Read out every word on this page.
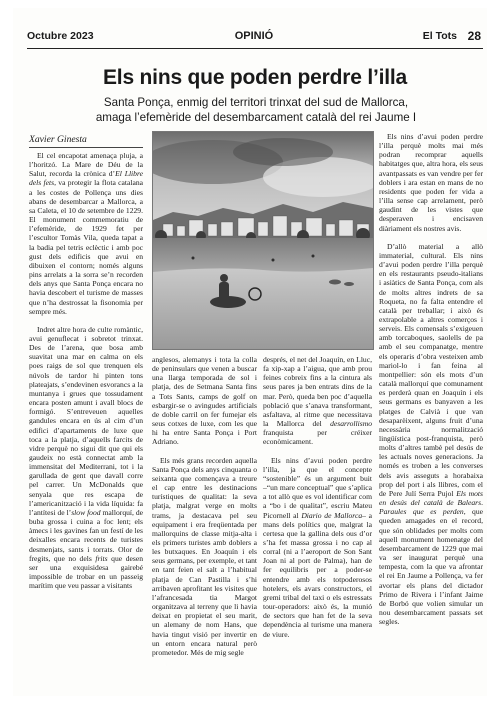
Octubre 2023	OPINIÓ	El Tots 28
Els nins que poden perdre l’illa
Santa Ponça, enmig del territori trinxat del sud de Mallorca,
amaga l’efemèride del desembarcament català del rei Jaume I
Xavier Ginesta

El cel encapotat amenaça pluja, a l’horitzó. La Mare de Déu de la Salut, recorda la crònica d’El Llibre dels fets, va protegir la flota catalana a les costes de Pollença uns dies abans de desembarcar a Mallorca, a sa Caleta, el 10 de setembre de 1229. El monument commemoratiu de l’efemèride, de 1929 fet per l’escultor Tomàs Vila, queda tapat a la badia pel tetris eclèctic i amb poc gust dels edificis que avui en dibuixen el contorn; només alguns pins arrelats a la sorra se’n recorden dels anys que Santa Ponça encara no havia descobert el turisme de masses que n’ha destrossat la fisonomia per sempre més.

Indret altre hora de culte romàntic, avui genuflecat i sobretot trinxat. Des de l’arena, que bosa amb suavitat una mar en calma on els poes raigs de sol que trenquen els núvols de tardor hi pinten tons plateajats, s’endevinen esvorancs a la muntanya i grues que tossudament encara posten amunt i avall blocs de formigó. S’entreveuen aquelles gandules encara en ús al cim d’un edifici d’apartaments de luxe que toca a la platja, d’aquells farcits de vidre perquè no sigui dit que qui els gaudeix no està connectat amb la immensitat del Mediterrani, tot i la garullada de gent que davall corre pel carrer. Un McDonalds que senyala que res escapa de l’americanització i la vida líquida: fa l’antítesi de l’slow food mallorquí, de buba grossa i cuina a foc lent; els àmecs i les gavines fan un festí de les deixalles encara recents de turistes desmenjats, sants i torrats. Olor de fregits, que no dels frits que desen ser una exquisidesa gairebé impossible de trobar en un passeig marítim que veu passar a visitants

anglesos, alemanys i tota la colla de peninsulars que venen a buscar una llarga temporada de sol i platja, des de Setmana Santa fins a Tots Sants, camps de golf on esbargir-se o avingudes artificials de doble carril on fer fumejar els seus cotxes de luxe, com les que hi ha entre Santa Ponça i Port Adriano.

Els més grans recorden aquella Santa Ponça dels anys cinquanta o seixanta que començava a treure el cap entre les destinacions turístiques de qualitat: la seva platja, malgrat verge en molts trams, ja destacava pel seu equipament i era freqüentada per mallorquins de classe mitja-alta i els primers turistes amb doblers a les butxaques. En Joaquín i els seus germans, per exemple, et tant en tant feien el salt a l’habitual platja de Can Pastilla i s’hi arribaven aprofitant les visites que l’afrancesada tia Margot organitzava al terreny que li havia deixat en propietat el seu marit, un alemany de nom Hans, que havia tingut visió per invertir en un entorn encara natural però prometedor. Més de mig segle

després, el net del Joaquín, en Lluc, fa xip-xap a l’aigua, que amb prou feines cobreix fins a la cintura als seus pares ja ben entrats dins de la mar. Però, queda ben poc d’aquella població que s’anava transformant, asfaltava, al ritme que necessitava la Mallorca del desarrollismo franquista per créixer econòmicament.

Els nins d’avui poden perdre l’illa, ja que el concepte “sostenible” és un argument buit –“un mare conceptual” que s’aplica a tot allò que es vol identificar com a “bo i de qualitat”, escriu Mateu Picornell al Diario de Mallorca– a mans dels polítics que, malgrat la certesa que la gallina dels ous d’or s’ha fet massa grossa i no cap al corral (ni a l’aeroport de Son Sant Joan ni al port de Palma), han de fer equilibris per a poder-se entendre amb els totpoderosos hotelers, els avars constructors, el gremi tribal del taxi o els estressats tour-operadors: això és, la munió de sectors que han fet de la seva dependència al turisme una manera de viure.

Els nins d’avui poden perdre l’illa perquè molts mai més podran recomprar aquells habitatges que, altra hora, els seus avantpassats es van vendre per fer doblers i ara estan en mans de no residents que poden fer vida a l’illa sense cap arrelament, però gaudint de les vistes que desperaven i encisaven diàriament els nostres avis.

D’allò material a allò immaterial, cultural. Els nins d’avui poden perdre l’illa perquè en els restaurants pseudo-italians i asiàtics de Santa Ponça, com als de molts altres indrets de sa Roqueta, no fa falta entendre el català per treballar; i això és extrapolable a altres comerços i serveis. Els comensals s’exigeuen amb torcaboques, saolells de pa amb el seu companatge, mentre els operaris d’obra vesteixen amb mariol-lo i fan feina al montpellier: són els mots d’un català mallorquí que comunament es perderà quan en Joaquín i els seus germans es banyaven a les platges de Calvià i que van desaparèixent, alguns fruit d’una necessària normalització lingüística post-franquista, però molts d’altres tambè pel desús de les actuals noves generacions. Ja només es troben a les converses dels avis asseguts a horabaixa prop del port i als llibres, com el de Pere Julí Serra Pujol Els mots en desús del català de Balears. Paraules que es perden, que queden amagades en el record, que són oblidades per molts com aquell monument homenatge del desembarcament de 1229 que mai va ser inaugurat perquè una tempesta, com la que va afrontar el rei En Jaume a Pollença, va fer avortar els plans del dictador Primo de Rivera i l’infant Jaime de Borbó que volien simular un nou desembarcament passats set segles.
